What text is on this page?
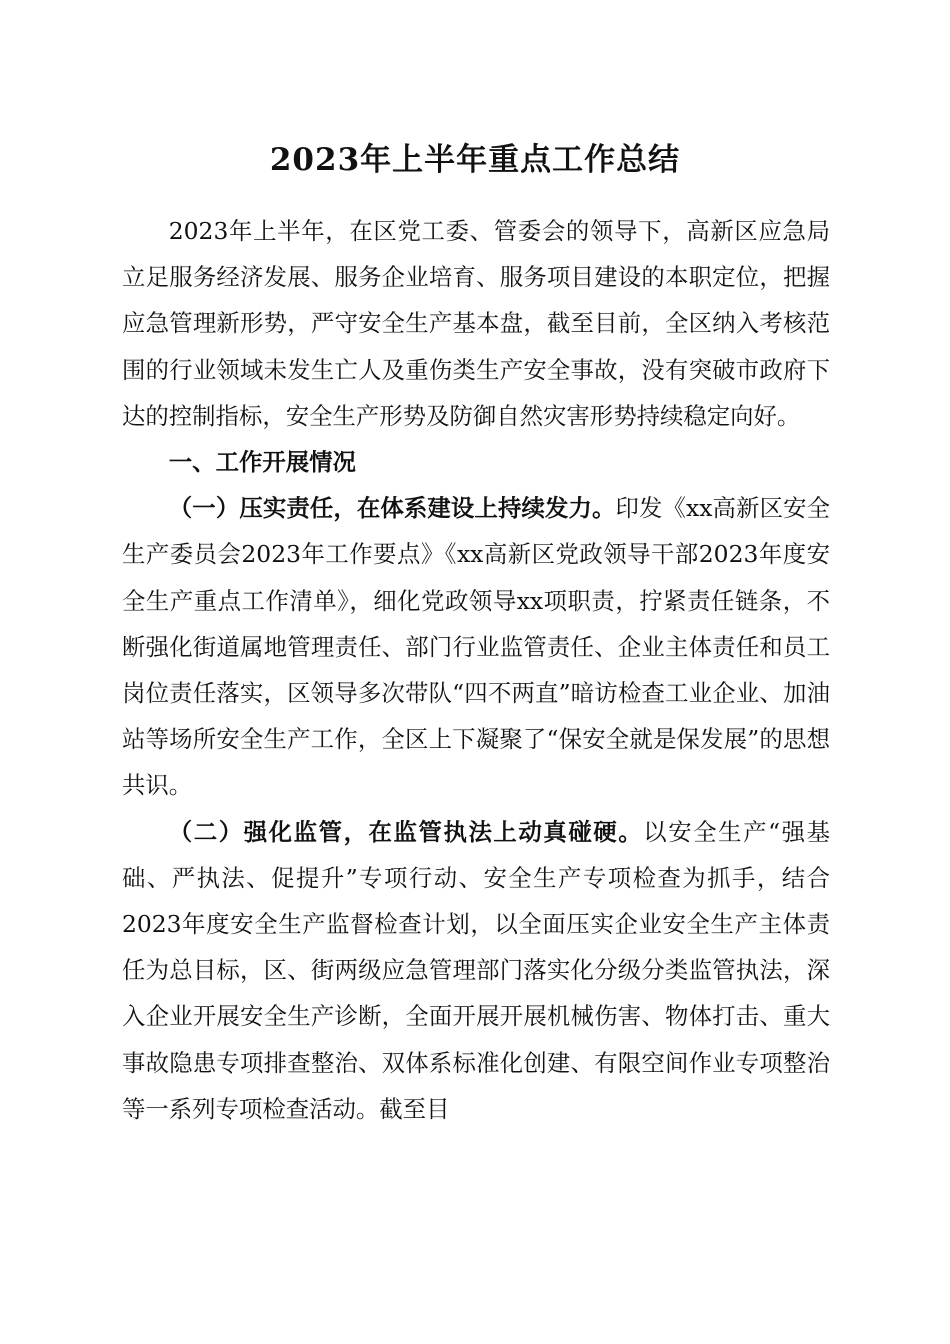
2023年上半年重点工作总结

2023年上半年，在区党工委、管委会的领导下，高新区应急局立足服务经济发展、服务企业培育、服务项目建设的本职定位，把握应急管理新形势，严守安全生产基本盘，截至目前，全区纳入考核范围的行业领域未发生亡人及重伤类生产安全事故，没有突破市政府下达的控制指标，安全生产形势及防御自然灾害形势持续稳定向好。

一、工作开展情况

（一）压实责任，在体系建设上持续发力。印发《xx高新区安全生产委员会2023年工作要点》《xx高新区党政领导干部2023年度安全生产重点工作清单》，细化党政领导xx项职责，拧紧责任链条，不断强化街道属地管理责任、部门行业监管责任、企业主体责任和员工岗位责任落实，区领导多次带队“四不两直”暗访检查工业企业、加油站等场所安全生产工作，全区上下凝聚了“保安全就是保发展”的思想共识。

（二）强化监管，在监管执法上动真碰硬。以安全生产“强基础、严执法、促提升”专项行动、安全生产专项检查为抓手，结合2023年度安全生产监督检查计划，以全面压实企业安全生产主体责任为总目标，区、街两级应急管理部门落实化分级分类监管执法，深入企业开展安全生产诊断，全面开展开展机械伤害、物体打击、重大事故隐患专项排查整治、双体系标准化创建、有限空间作业专项整治等一系列专项检查活动。截至目
